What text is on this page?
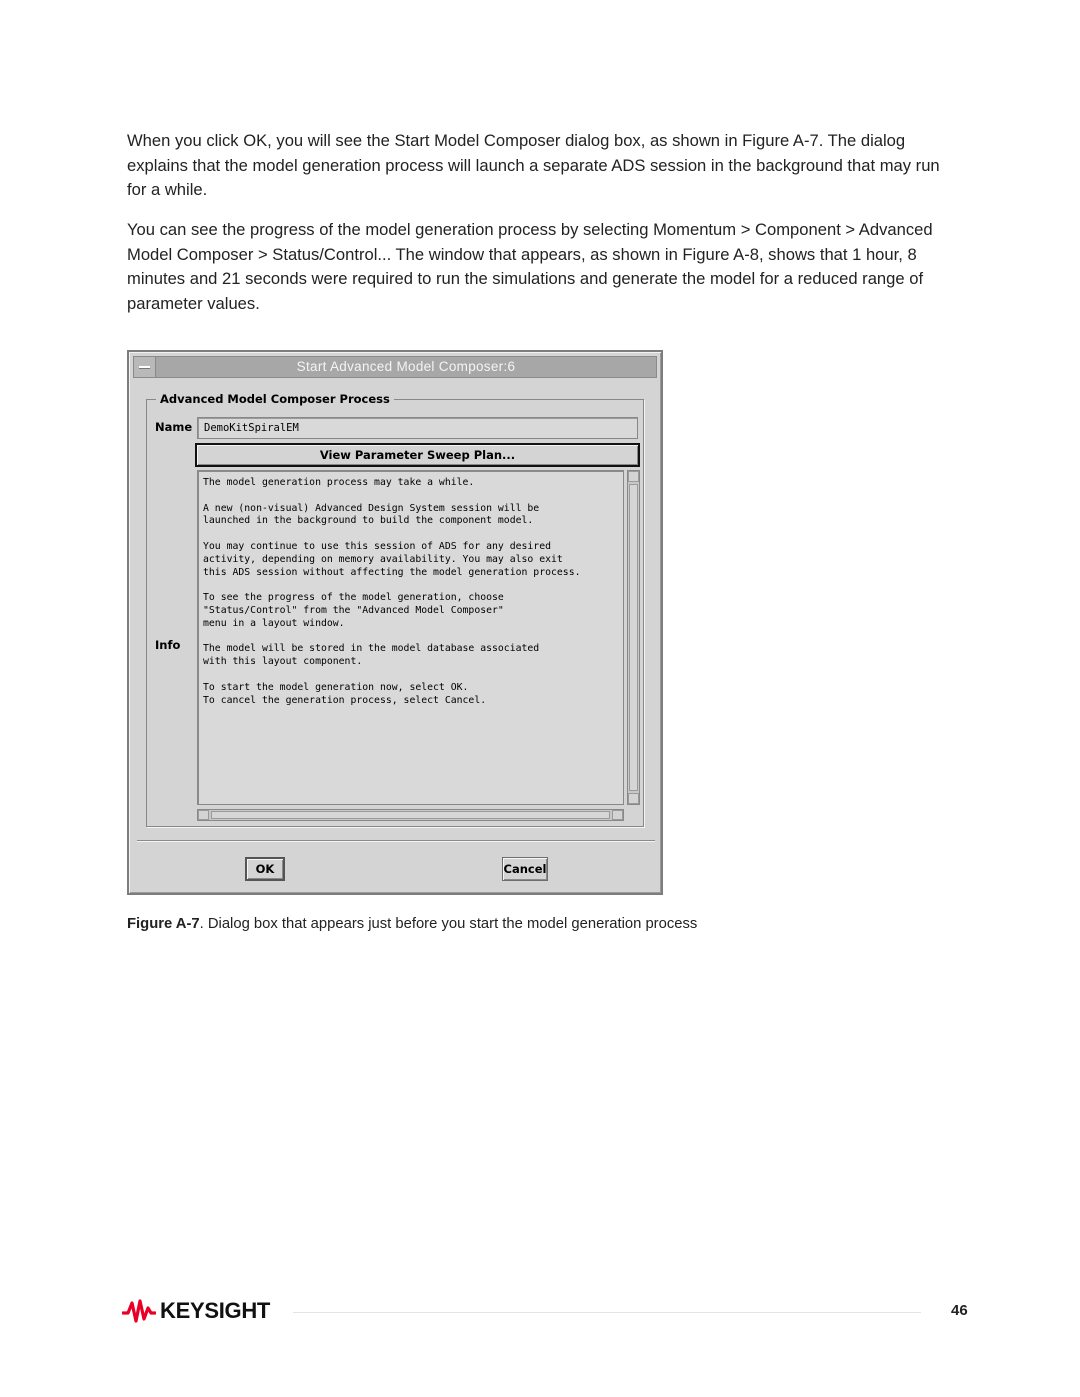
When you click OK, you will see the Start Model Composer dialog box, as shown in Figure A-7. The dialog explains that the model generation process will launch a separate ADS session in the background that may run for a while.

You can see the progress of the model generation process by selecting Momentum > Component > Advanced Model Composer > Status/Control... The window that appears, as shown in Figure A-8, shows that 1 hour, 8 minutes and 21 seconds were required to run the simulations and generate the model for a reduced range of parameter values.

Start Advanced Model Composer:6
Advanced Model Composer Process
Name	DemoKitSpiralEM
View Parameter Sweep Plan...
Info
The model generation process may take a while.
A new (non-visual) Advanced Design System session will be
launched in the background to build the component model.
You may continue to use this session of ADS for any desired
activity, depending on memory availability. You may also exit
this ADS session without affecting the model generation process.
To see the progress of the model generation, choose
"Status/Control" from the "Advanced Model Composer"
menu in a layout window.
The model will be stored in the model database associated
with this layout component.
To start the model generation now, select OK.
To cancel the generation process, select Cancel.
OK	Cancel
Figure A-7. Dialog box that appears just before you start the model generation process
KEYSIGHT	46
